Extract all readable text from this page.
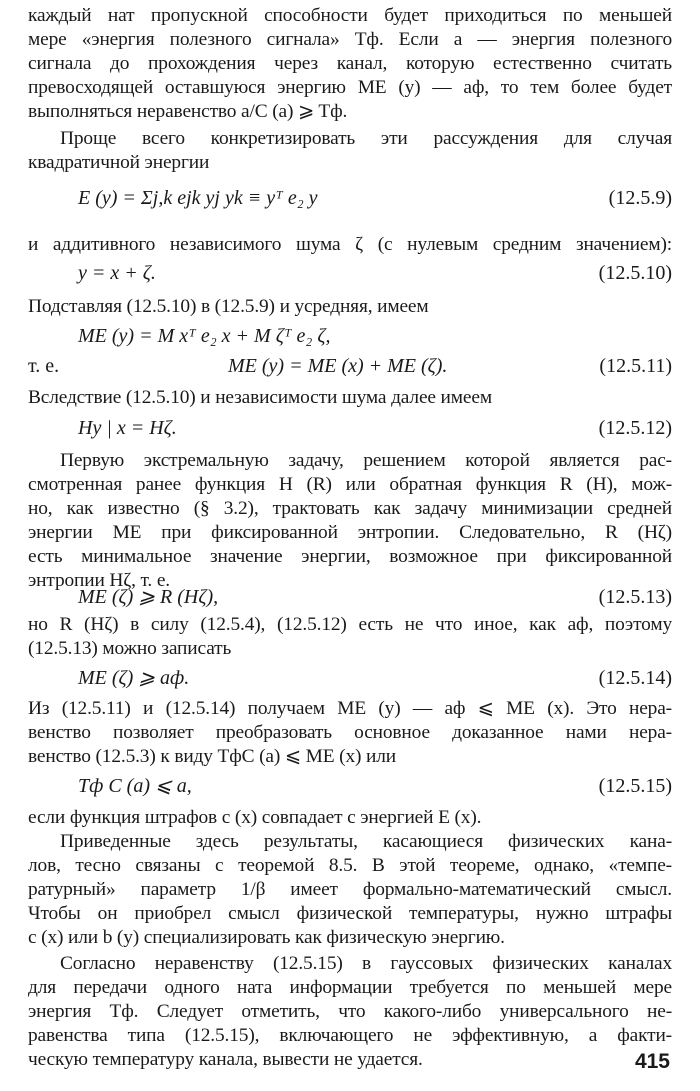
каждый нат пропускной способности будет приходиться по меньшей
мере «энергия полезного сигнала» Tф. Если a — энергия полезного
сигнала до прохождения через канал, которую естественно считать
превосходящей оставшуюся энергию ME (y) — aф, то тем более будет
выполняться неравенство a/C (a) ⩾ Tф.
Проще всего конкретизировать эти рассуждения для случая
квадратичной энергии
E (y) = Σj,k ejk yj yk ≡ yᵀ e₂ y	(12.5.9)
и аддитивного независимого шума ζ (с нулевым средним значением):
y = x + ζ.	(12.5.10)
Подставляя (12.5.10) в (12.5.9) и усредняя, имеем
ME (y) = M xᵀ e₂ x + M ζᵀ e₂ ζ,
т. е.	ME (y) = ME (x) + ME (ζ).	(12.5.11)
Вследствие (12.5.10) и независимости шума далее имеем
Hy | x = Hζ.	(12.5.12)
Первую экстремальную задачу, решением которой является рас-
смотренная ранее функция H (R) или обратная функция R (H), мож-
но, как известно (§ 3.2), трактовать как задачу минимизации средней
энергии ME при фиксированной энтропии. Следовательно, R (Hζ)
есть минимальное значение энергии, возможное при фиксированной
энтропии Hζ, т. е.
ME (ζ) ⩾ R (Hζ),	(12.5.13)
но R (Hζ) в силу (12.5.4), (12.5.12) есть не что иное, как aф, поэтому
(12.5.13) можно записать
ME (ζ) ⩾ aф.	(12.5.14)
Из (12.5.11) и (12.5.14) получаем ME (y) — aф ⩽ ME (x). Это нера-
венство позволяет преобразовать основное доказанное нами нера-
венство (12.5.3) к виду TфC (a) ⩽ ME (x) или
Tф C (a) ⩽ a,	(12.5.15)
если функция штрафов c (x) совпадает с энергией E (x).
Приведенные здесь результаты, касающиеся физических кана-
лов, тесно связаны с теоремой 8.5. В этой теореме, однако, «темпе-
ратурный» параметр 1/β имеет формально-математический смысл.
Чтобы он приобрел смысл физической температуры, нужно штрафы
c (x) или b (y) специализировать как физическую энергию.
Согласно неравенству (12.5.15) в гауссовых физических каналах
для передачи одного ната информации требуется по меньшей мере
энергия Tф. Следует отметить, что какого-либо универсального не-
равенства типа (12.5.15), включающего не эффективную, а факти-
ческую температуру канала, вывести не удается.	415
